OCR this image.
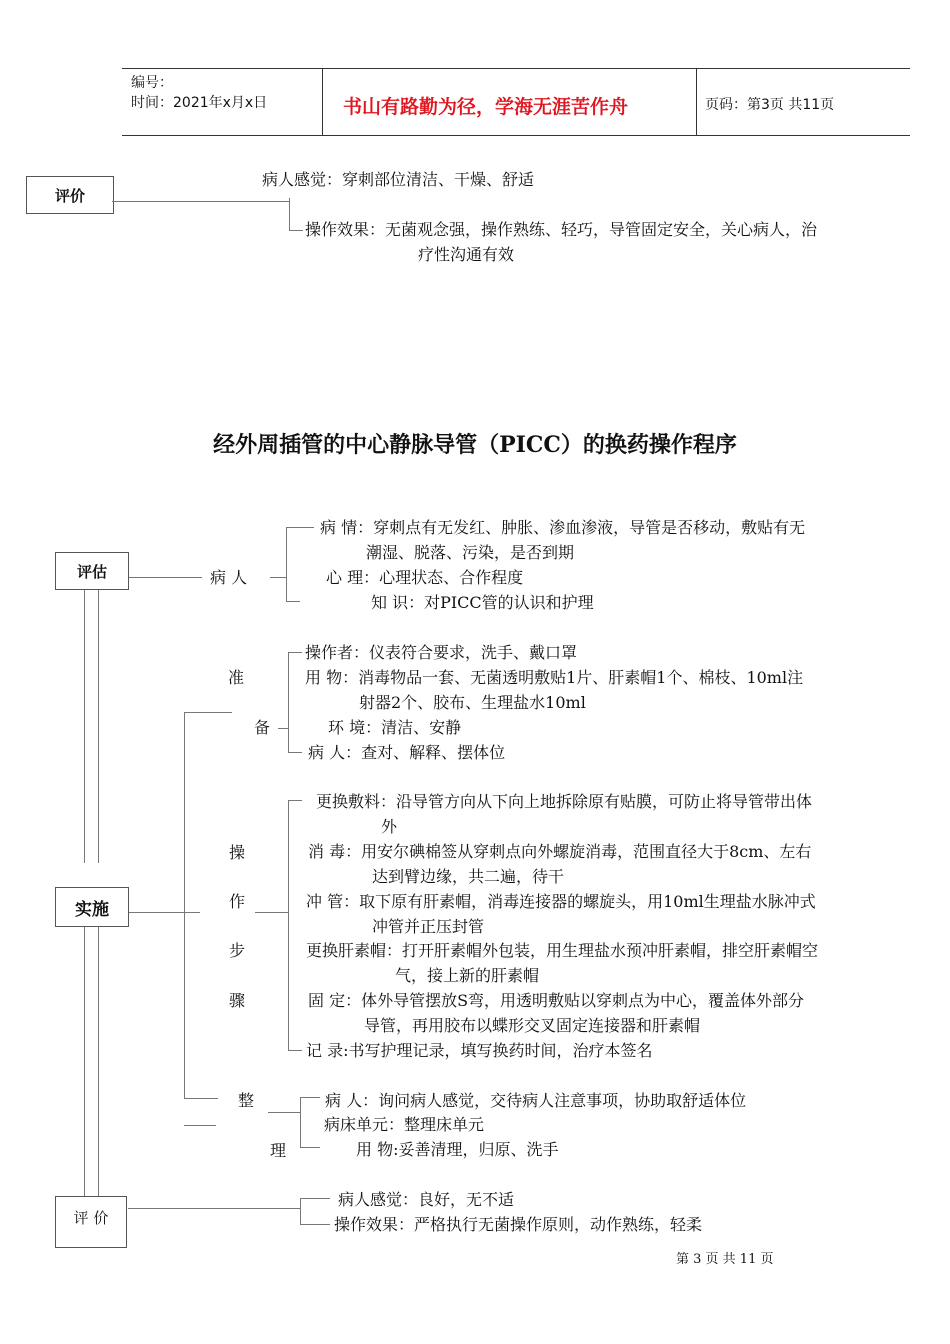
编号：
时间：2021年x月x日	书山有路勤为径，学海无涯苦作舟	页码：第3页 共11页
评价
病人感觉：穿刺部位清洁、干燥、舒适
操作效果：无菌观念强，操作熟练、轻巧，导管固定安全，关心病人，治
疗性沟通有效
经外周插管的中心静脉导管（PICC）的换药操作程序
评估	病 人
病 情：穿刺点有无发红、肿胀、渗血渗液，导管是否移动，敷贴有无
潮湿、脱落、污染，是否到期
心 理：心理状态、合作程度
知 识：对PICC管的认识和护理
实施
准
备
操作者：仪表符合要求，洗手、戴口罩
用 物：消毒物品一套、无菌透明敷贴1片、肝素帽1个、棉枝、10ml注
射器2个、胶布、生理盐水10ml
环 境：清洁、安静
病 人：查对、解释、摆体位
操
作
步
骤
更换敷料：沿导管方向从下向上地拆除原有贴膜，可防止将导管带出体
外
消 毒：用安尔碘棉签从穿刺点向外螺旋消毒，范围直径大于8cm、左右
达到臂边缘，共二遍，待干
冲 管：取下原有肝素帽，消毒连接器的螺旋头，用10ml生理盐水脉冲式
冲管并正压封管
更换肝素帽：打开肝素帽外包装，用生理盐水预冲肝素帽，排空肝素帽空
气，接上新的肝素帽
固 定：体外导管摆放S弯，用透明敷贴以穿刺点为中心，覆盖体外部分
导管，再用胶布以蝶形交叉固定连接器和肝素帽
记 录:书写护理记录，填写换药时间，治疗本签名
整
理
病 人：询问病人感觉，交待病人注意事项，协助取舒适体位
病床单元：整理床单元
用 物:妥善清理，归原、洗手
评 价
病人感觉：良好，无不适
操作效果：严格执行无菌操作原则，动作熟练，轻柔
第 3 页 共 11 页
